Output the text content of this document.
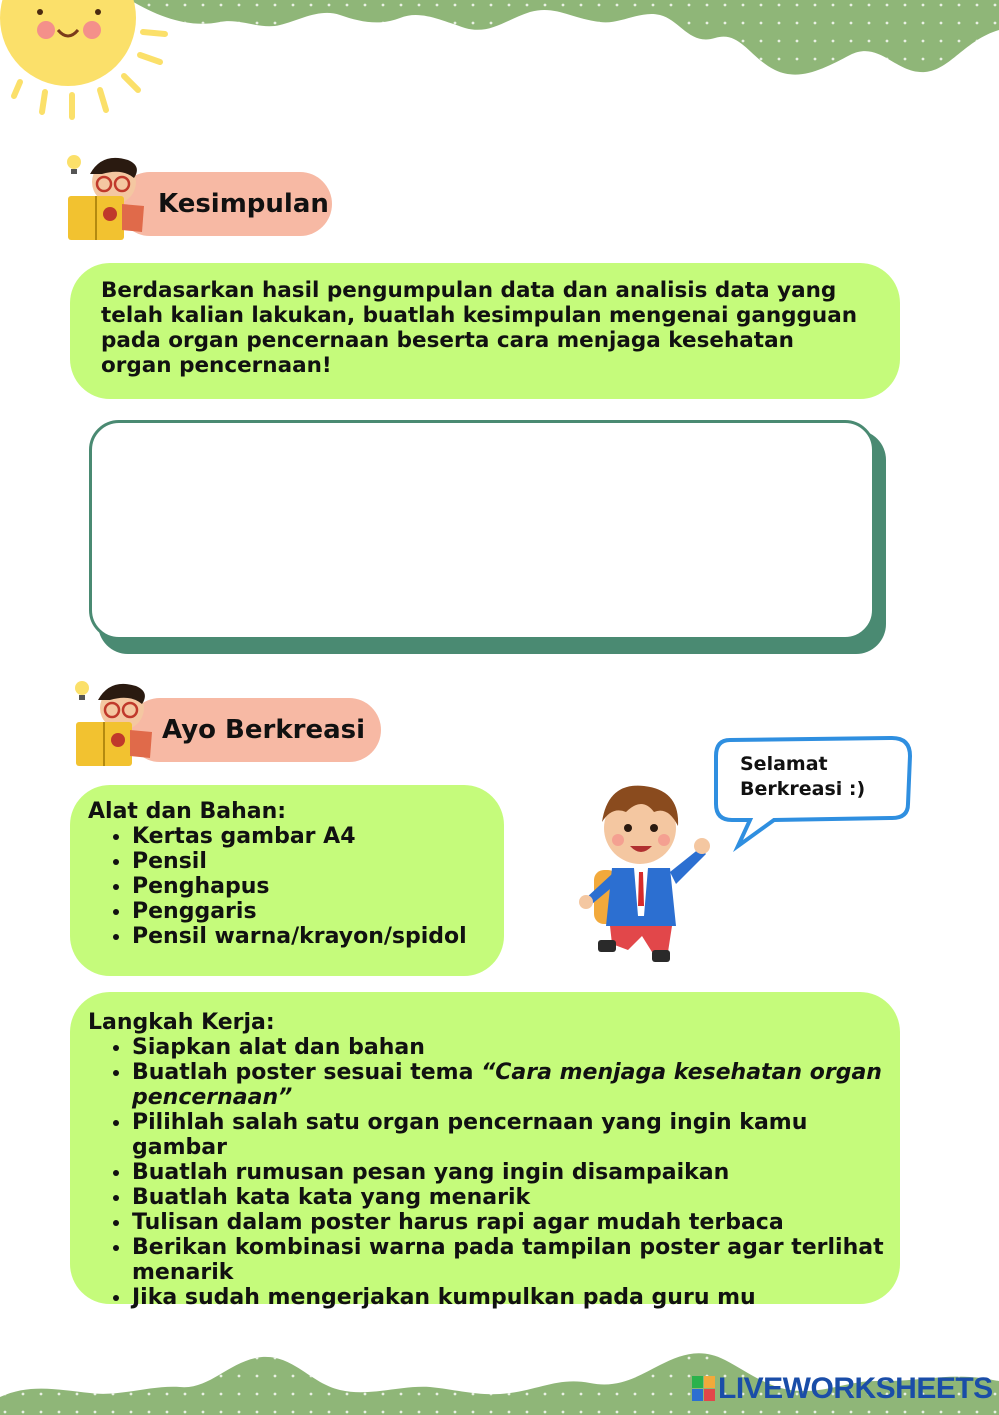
Kesimpulan
Berdasarkan hasil pengumpulan data dan analisis data yang telah kalian lakukan, buatlah kesimpulan mengenai gangguan pada organ pencernaan beserta cara menjaga kesehatan organ pencernaan!
Ayo Berkreasi
Alat dan Bahan:
• Kertas gambar A4
• Pensil
• Penghapus
• Penggaris
• Pensil warna/krayon/spidol
Selamat Berkreasi :)
Langkah Kerja:
• Siapkan alat dan bahan
• Buatlah poster sesuai tema “Cara menjaga kesehatan organ pencernaan”
• Pilihlah salah satu organ pencernaan yang ingin kamu gambar
• Buatlah rumusan pesan yang ingin disampaikan
• Buatlah kata kata yang menarik
• Tulisan dalam poster harus rapi agar mudah terbaca
• Berikan kombinasi warna pada tampilan poster agar terlihat menarik
• Jika sudah mengerjakan kumpulkan pada guru mu
LIVEWORKSHEETS
